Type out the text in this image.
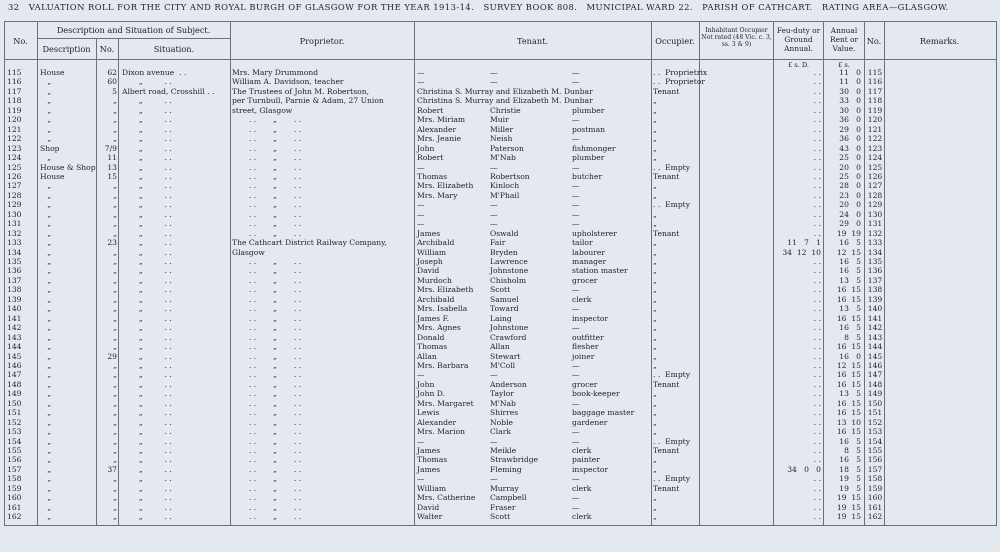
32 VALUATION ROLL FOR THE CITY AND ROYAL BURGH OF GLASGOW FOR THE YEAR 1913-14. SURVEY BOOK 808. MUNICIPAL WARD 22. PARISH OF CATHCART. RATING AREA—GLASGOW.
No.
Description and Situation of Subject.
Description	No.	Situation.
Proprietor.	Tenant.	Occupier.
Inhabitant Occupier Not rated (48 Vic. c. 3, ss. 3 & 9)
Feu-duty or Ground Annual.
Annual Rent or Value.
No.	Remarks.
£ s. D.	£ s.
115	House	62 Dixon avenue  . .	Mrs. Mary Drummond	—	—	—	. .  Proprietrix	. .	11   0 115
116	„	60 „         . .	William A. Davidson, teacher	—	—	—	. .  Proprietor	. .	11   0 116
117	„	5 Albert road, Crosshill . .	The Trustees of John M. Robertson,	Christina S. Murray and Elizabeth M. Dunbar	Tenant	. .	30   0 117
118	„	„ „         . .	per Turnbull, Parnie & Adam, 27 Union	Christina S. Murray and Elizabeth M. Dunbar	„	. .	33   0 118
119	„	„ „         . .	street, Glasgow	Robert	Christie	plumber	„	. .	30   0 119
120	„	„ „         . .	. .       „       . .	Mrs. Miriam	Muir	—	„	. .	36   0 120
121	„	„ „         . .	. .       „       . .	Alexander	Miller	postman	„	. .	29   0 121
122	„	„ „         . .	. .       „       . .	Mrs. Jeanie	Neish	—	„	. .	36   0 122
123	Shop	7/9 „         . .	. .       „       . .	John	Paterson	fishmonger	„	. .	43   0 123
124	„	11 „         . .	. .       „       . .	Robert	M'Nab	plumber	„	. .	25   0 124
125	House & Shop	13 „         . .	. .       „       . .	—	—	—	. .  Empty	. .	20   0 125
126	House	15 „         . .	. .       „       . .	Thomas	Robertson	butcher	Tenant	. .	25   0 126
127	„	„ „         . .	. .       „       . .	Mrs. Elizabeth	Kinloch	—	„	. .	28   0 127
128	„	„ „         . .	. .       „       . .	Mrs. Mary	M'Phail	—	„	. .	23   0 128
129	„	„ „         . .	. .       „       . .	—	—	—	. .  Empty	. .	20   0 129
130	„	„ „         . .	. .       „       . .	—	—	—	„	. .	24   0 130
131	„	„ „         . .	. .       „       . .	—	—	—	„	. .	29   0 131
132	„	„ „         . .	. .       „       . .	James	Oswald	upholsterer	Tenant	. .	19  19 132
133	„	23 „         . .	The Cathcart District Railway Company,	Archibald	Fair	tailor	„	11   7   1	16   5 133
134	„	„ „         . .	Glasgow	William	Bryden	labourer	„	34  12  10	12  15 134
135	„	„ „         . .	. .       „       . .	Joseph	Lawrence	manager	„	. .	16   5 135
136	„	„ „         . .	. .       „       . .	David	Johnstone	station master	„	. .	16   5 136
137	„	„ „         . .	. .       „       . .	Murdoch	Chisholm	grocer	„	. .	13   5 137
138	„	„ „         . .	. .       „       . .	Mrs. Elizabeth	Scott	—	„	. .	16  15 138
139	„	„ „         . .	. .       „       . .	Archibald	Samuel	clerk	„	. .	16  15 139
140	„	„ „         . .	. .       „       . .	Mrs. Isabella	Toward	—	„	. .	13   5 140
141	„	„ „         . .	. .       „       . .	James F.	Laing	inspector	„	. .	16  15 141
142	„	„ „         . .	. .       „       . .	Mrs. Agnes	Johnstone	—	„	. .	16   5 142
143	„	„ „         . .	. .       „       . .	Donald	Crawford	outfitter	„	. .	8   5 143
144	„	„ „         . .	. .       „       . .	Thomas	Allan	flesher	„	. .	16  15 144
145	„	29 „         . .	. .       „       . .	Allan	Stewart	joiner	„	. .	16   0 145
146	„	„ „         . .	. .       „       . .	Mrs. Barbara	M'Coll	—	„	. .	12  15 146
147	„	„ „         . .	. .       „       . .	—	—	—	. .  Empty	. .	16  15 147
148	„	„ „         . .	. .       „       . .	John	Anderson	grocer	Tenant	. .	16  15 148
149	„	„ „         . .	. .       „       . .	John D.	Taylor	book-keeper	„	. .	13   5 149
150	„	„ „         . .	. .       „       . .	Mrs. Margaret	M'Nab	—	„	. .	16  15 150
151	„	„ „         . .	. .       „       . .	Lewis	Shirres	baggage master	„	. .	16  15 151
152	„	„ „         . .	. .       „       . .	Alexander	Noble	gardener	„	. .	13  10 152
153	„	„ „         . .	. .       „       . .	Mrs. Marion	Clark	—	„	. .	16  15 153
154	„	„ „         . .	. .       „       . .	—	—	—	. .  Empty	. .	16   5 154
155	„	„ „         . .	. .       „       . .	James	Meikle	clerk	Tenant	. .	8   5 155
156	„	„ „         . .	. .       „       . .	Thomas	Strawbridge	painter	„	. .	16   5 156
157	„	37 „         . .	. .       „       . .	James	Fleming	inspector	„	34   0   0	18   5 157
158	„	„ „         . .	. .       „       . .	—	—	—	. .  Empty	. .	19   5 158
159	„	„ „         . .	. .       „       . .	William	Murray	clerk	Tenant	. .	19   5 159
160	„	„ „         . .	. .       „       . .	Mrs. Catherine	Campbell	—	„	. .	19  15 160
161	„	„ „         . .	. .       „       . .	David	Fraser	—	„	. .	19  15 161
162	„	„ „         . .	. .       „       . .	Walter	Scott	clerk	„	. .	19  15 162
